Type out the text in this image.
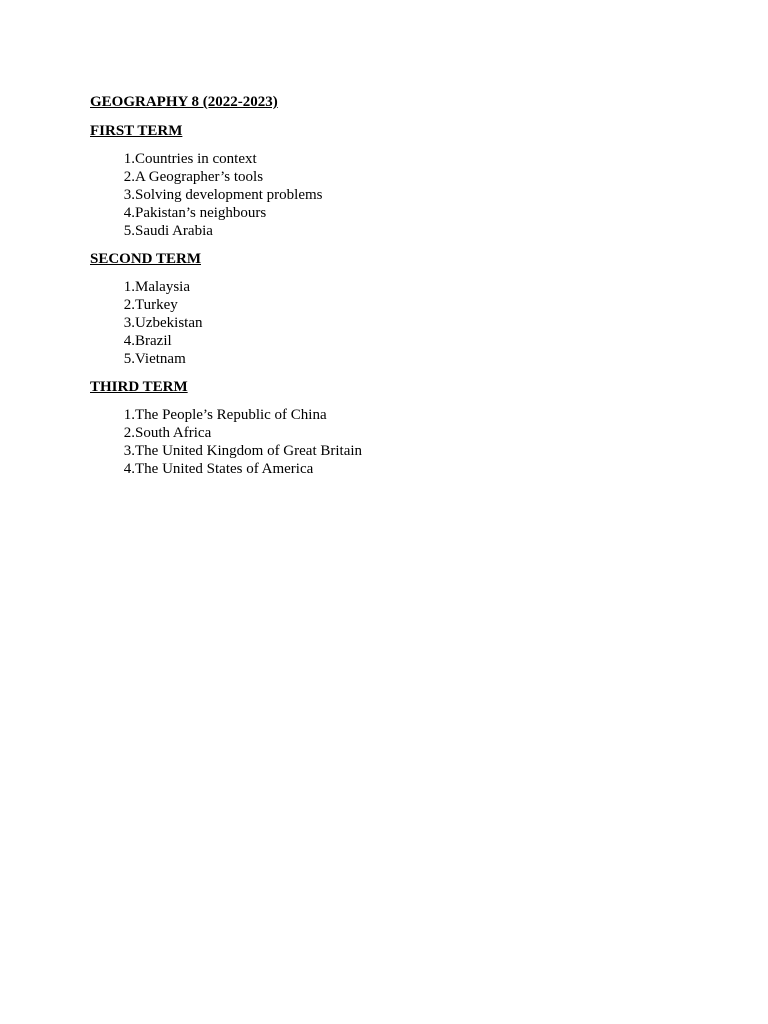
GEOGRAPHY 8 (2022-2023)
FIRST TERM
1. Countries in context
2. A Geographer’s tools
3. Solving development problems
4. Pakistan’s neighbours
5. Saudi Arabia
SECOND TERM
1. Malaysia
2. Turkey
3. Uzbekistan
4. Brazil
5. Vietnam
THIRD TERM
1. The People’s Republic of China
2. South Africa
3. The United Kingdom of Great Britain
4. The United States of America
